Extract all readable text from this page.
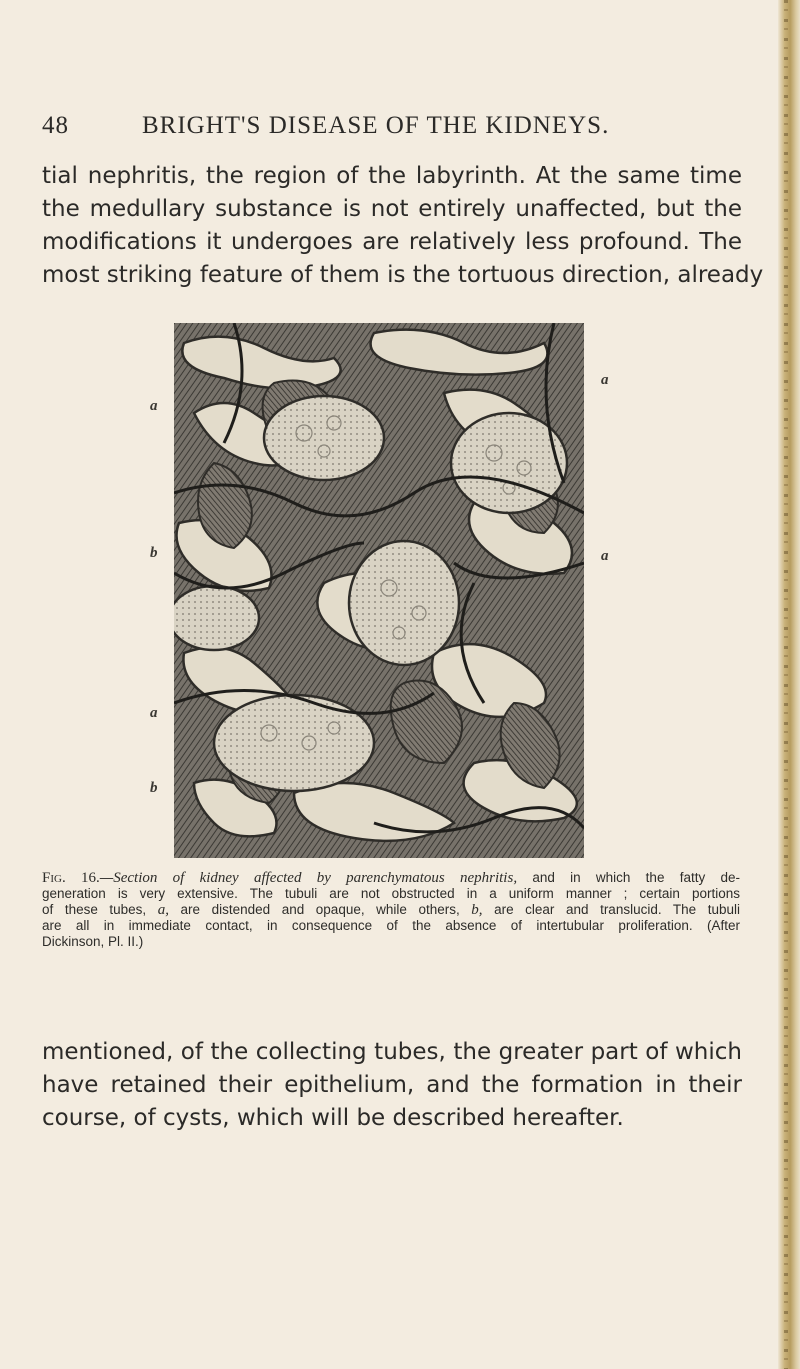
48	BRIGHT'S DISEASE OF THE KIDNEYS.
tial nephritis, the region of the labyrinth. At the same time
the medullary substance is not entirely unaffected, but the
modifications it undergoes are relatively less profound. The
most striking feature of them is the tortuous direction, already
a
b
a
b
a
a
Fig. 16.—Section of kidney affected by parenchymatous nephritis, and in which the fatty de-
generation is very extensive. The tubuli are not obstructed in a uniform manner ; certain portions
of these tubes, a, are distended and opaque, while others, b, are clear and translucid. The tubuli
are all in immediate contact, in consequence of the absence of intertubular proliferation. (After
Dickinson, Pl. II.)
mentioned, of the collecting tubes, the greater part of which
have retained their epithelium, and the formation in their
course, of cysts, which will be described hereafter.
